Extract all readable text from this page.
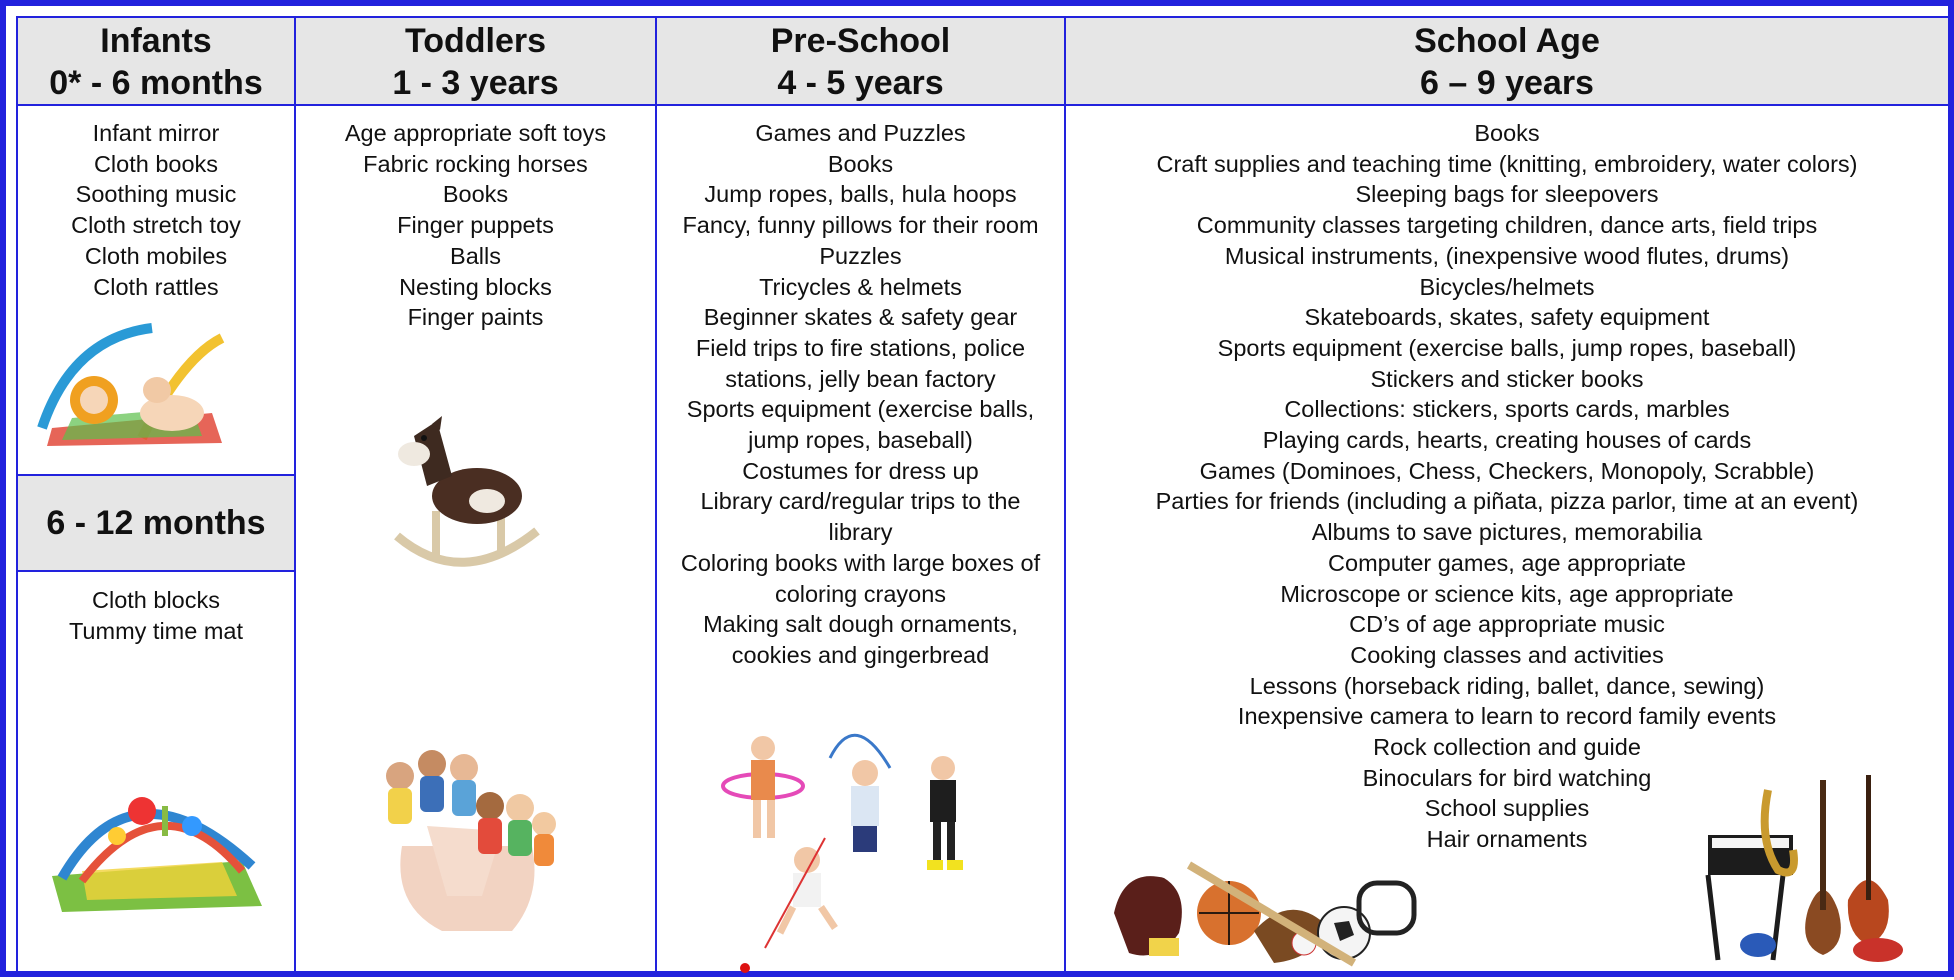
Infants
0* - 6 months
Infant mirror
Cloth books
Soothing music
Cloth stretch toy
Cloth mobiles
Cloth rattles
6 - 12 months
Cloth blocks
Tummy time mat
Toddlers
1 - 3 years
Age appropriate soft toys
Fabric rocking horses
Books
Finger puppets
Balls
Nesting blocks
Finger paints
Pre-School
4 - 5 years
Games and Puzzles
Books
Jump ropes, balls, hula hoops
Fancy, funny pillows for their room
Puzzles
Tricycles & helmets
Beginner skates & safety gear
Field trips to fire stations, police stations, jelly bean factory
Sports equipment (exercise balls, jump ropes, baseball)
Costumes for dress up
Library card/regular trips to the library
Coloring books with large boxes of coloring crayons
Making salt dough ornaments, cookies and gingerbread
School Age
6 – 9 years
Books
Craft supplies and teaching time (knitting, embroidery, water colors)
Sleeping bags for sleepovers
Community classes targeting children, dance arts, field trips
Musical instruments, (inexpensive wood flutes, drums)
Bicycles/helmets
Skateboards, skates, safety equipment
Sports equipment (exercise balls, jump ropes, baseball)
Stickers and sticker books
Collections: stickers, sports cards, marbles
Playing cards, hearts, creating houses of cards
Games (Dominoes, Chess, Checkers, Monopoly, Scrabble)
Parties for friends (including a piñata, pizza parlor, time at an event)
Albums to save pictures, memorabilia
Computer games, age appropriate
Microscope or science kits, age appropriate
CD’s of age appropriate music
Cooking classes and activities
Lessons (horseback riding, ballet, dance, sewing)
Inexpensive camera to learn to record family events
Rock collection and guide
Binoculars for bird watching
School supplies
Hair ornaments
